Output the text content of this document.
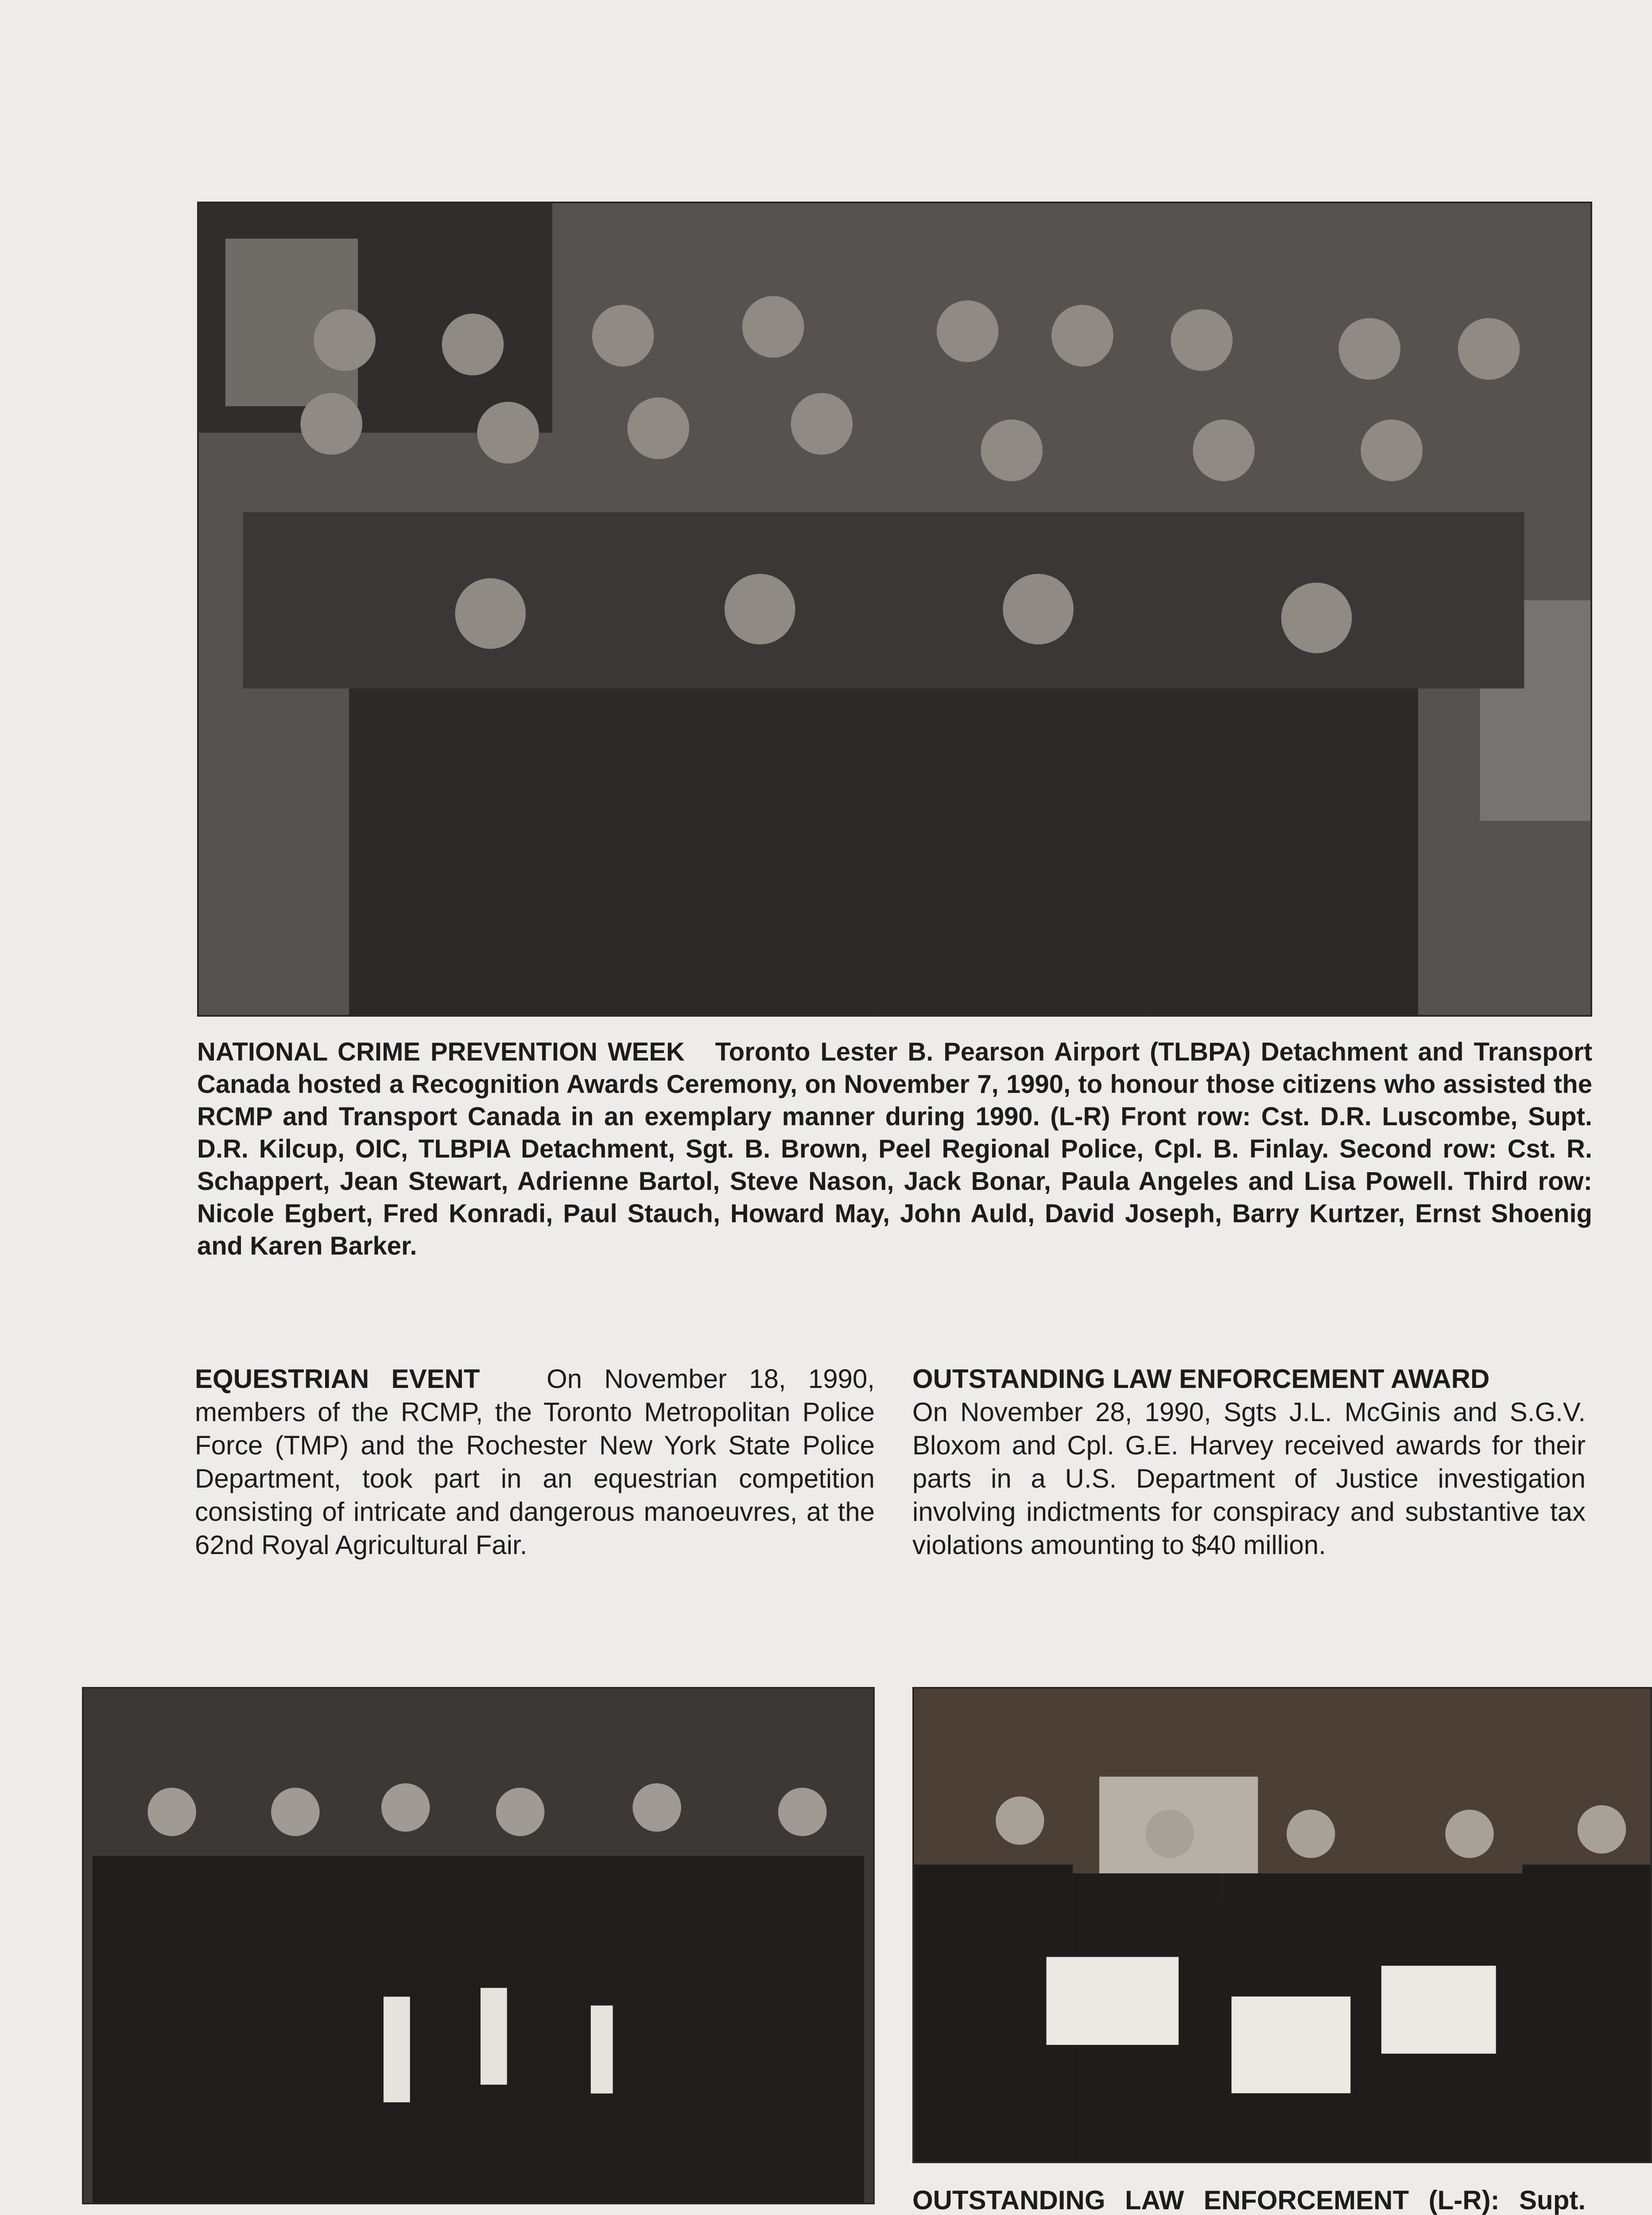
NATIONAL CRIME PREVENTION WEEK Toronto Lester B. Pearson Airport (TLBPA) Detachment and Transport Canada hosted a Recognition Awards Ceremony, on November 7, 1990, to honour those citizens who assisted the RCMP and Transport Canada in an exemplary manner during 1990. (L-R) Front row: Cst. D.R. Luscombe, Supt. D.R. Kilcup, OIC, TLBPIA Detachment, Sgt. B. Brown, Peel Regional Police, Cpl. B. Finlay. Second row: Cst. R. Schappert, Jean Stewart, Adrienne Bartol, Steve Nason, Jack Bonar, Paula Angeles and Lisa Powell. Third row: Nicole Egbert, Fred Konradi, Paul Stauch, Howard May, John Auld, David Joseph, Barry Kurtzer, Ernst Shoenig and Karen Barker.
EQUESTRIAN EVENT	On November 18, 1990, members of the RCMP, the Toronto Metropolitan Police Force (TMP) and the Rochester New York State Police Department, took part in an equestrian competition consisting of intricate and dangerous manoeuvres, at the 62nd Royal Agricultural Fair.
OUTSTANDING LAW ENFORCEMENT AWARD
On November 28, 1990, Sgts J.L. McGinis and S.G.V. Bloxom and Cpl. G.E. Harvey received awards for their parts in a U.S. Department of Justice investigation involving indictments for conspiracy and substantive tax violations amounting to $40 million.

OUTSTANDING LAW ENFORCEMENT (L-R): Supt.
